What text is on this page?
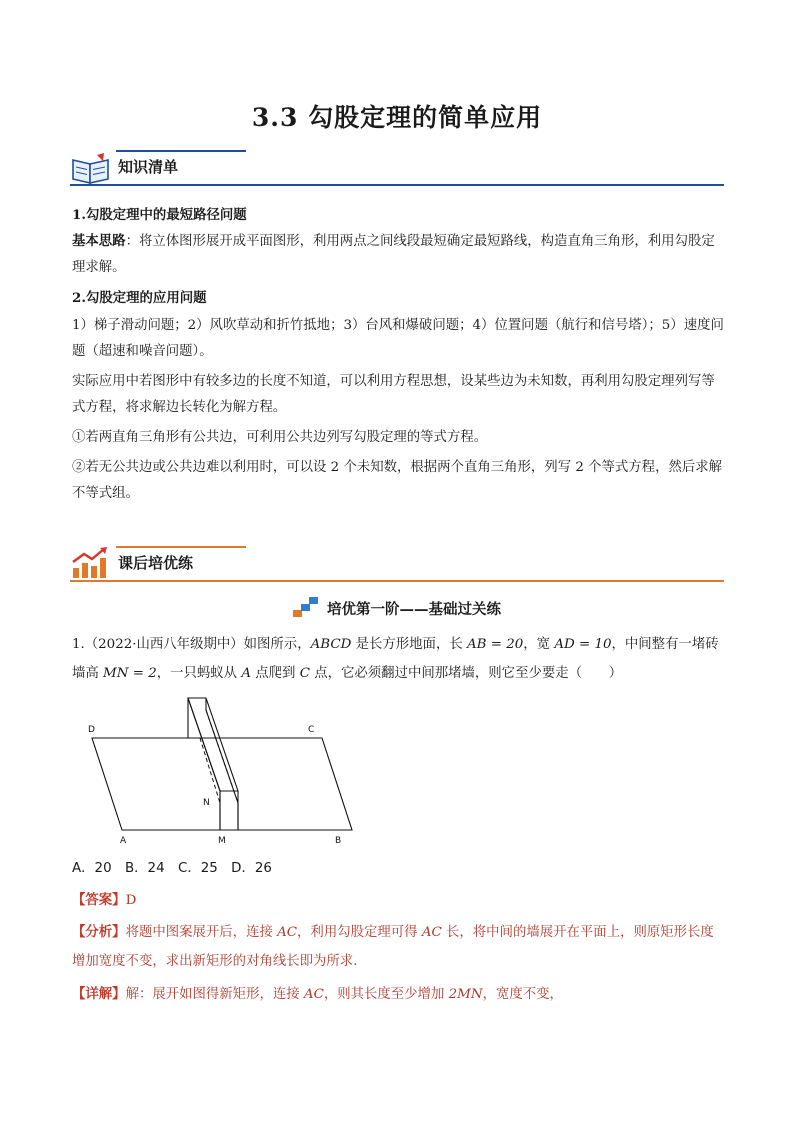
3.3 勾股定理的简单应用
知识清单
1.勾股定理中的最短路径问题
基本思路：将立体图形展开成平面图形，利用两点之间线段最短确定最短路线，构造直角三角形，利用勾股定理求解。
2.勾股定理的应用问题
1）梯子滑动问题；2）风吹草动和折竹抵地；3）台风和爆破问题；4）位置问题（航行和信号塔）；5）速度问题（超速和噪音问题）。
实际应用中若图形中有较多边的长度不知道，可以利用方程思想，设某些边为未知数，再利用勾股定理列写等式方程，将求解边长转化为解方程。
①若两直角三角形有公共边，可利用公共边列写勾股定理的等式方程。
②若无公共边或公共边难以利用时，可以设 2 个未知数，根据两个直角三角形，列写 2 个等式方程，然后求解不等式组。
课后培优练
培优第一阶——基础过关练
1.（2022·山西八年级期中）如图所示，ABCD 是长方形地面，长 AB = 20，宽 AD = 10，中间整有一堵砖墙高 MN = 2，一只蚂蚁从 A 点爬到 C 点，它必须翻过中间那堵墙，则它至少要走（　　）
D	C
A	M	B
N
A．20　B．24　C．25　D．26
【答案】D
【分析】将题中图案展开后，连接 AC，利用勾股定理可得 AC 长，将中间的墙展开在平面上，则原矩形长度增加宽度不变，求出新矩形的对角线长即为所求．
【详解】解：展开如图得新矩形，连接 AC，则其长度至少增加 2MN，宽度不变，
